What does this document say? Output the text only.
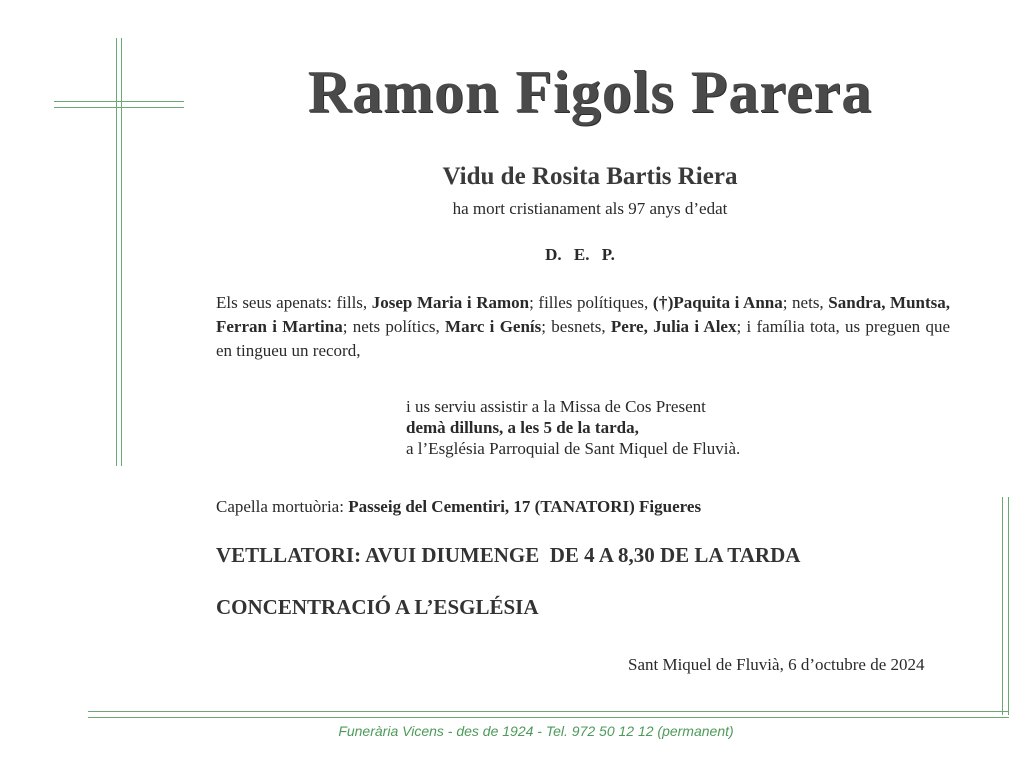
Ramon Figols Parera
Vidu de Rosita Bartis Riera
ha mort cristianament als 97 anys d’edat
D. E. P.
Els seus apenats: fills, Josep Maria i Ramon; filles polítiques, (†)Paquita i Anna; nets, Sandra, Muntsa, Ferran i Martina; nets polítics, Marc i Genís; besnets, Pere, Julia i Alex; i família tota, us preguen que en tingueu un record,
i us serviu assistir a la Missa de Cos Present
demà dilluns, a les 5 de la tarda,
a l’Església Parroquial de Sant Miquel de Fluvià.
Capella mortuòria: Passeig del Cementiri, 17 (TANATORI) Figueres
VETLLATORI: AVUI DIUMENGE  DE 4 A 8,30 DE LA TARDA
CONCENTRACIÓ A L’ESGLÉSIA
Sant Miquel de Fluvià, 6 d’octubre de 2024
Funerària Vicens - des de 1924 - Tel. 972 50 12 12 (permanent)
